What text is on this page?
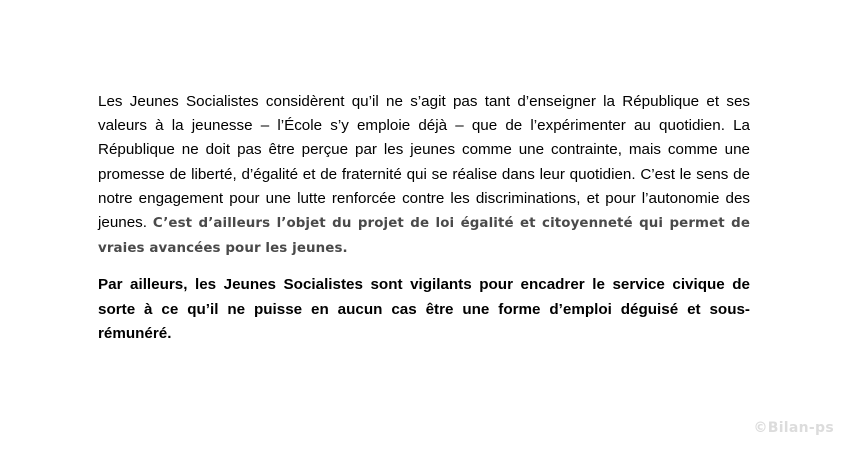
Les Jeunes Socialistes considèrent qu’il ne s’agit pas tant d’enseigner la République et ses valeurs à la jeunesse – l’École s’y emploie déjà – que de l’expérimenter au quotidien. La République ne doit pas être perçue par les jeunes comme une contrainte, mais comme une promesse de liberté, d’égalité et de fraternité qui se réalise dans leur quotidien. C’est le sens de notre engagement pour une lutte renforcée contre les discriminations, et pour l’autonomie des jeunes. C’est d’ailleurs l’objet du projet de loi égalité et citoyenneté qui permet de vraies avancées pour les jeunes.

Par ailleurs, les Jeunes Socialistes sont vigilants pour encadrer le service civique de sorte à ce qu’il ne puisse en aucun cas être une forme d’emploi déguisé et sous-rémunéré.

©Bilan-ps
